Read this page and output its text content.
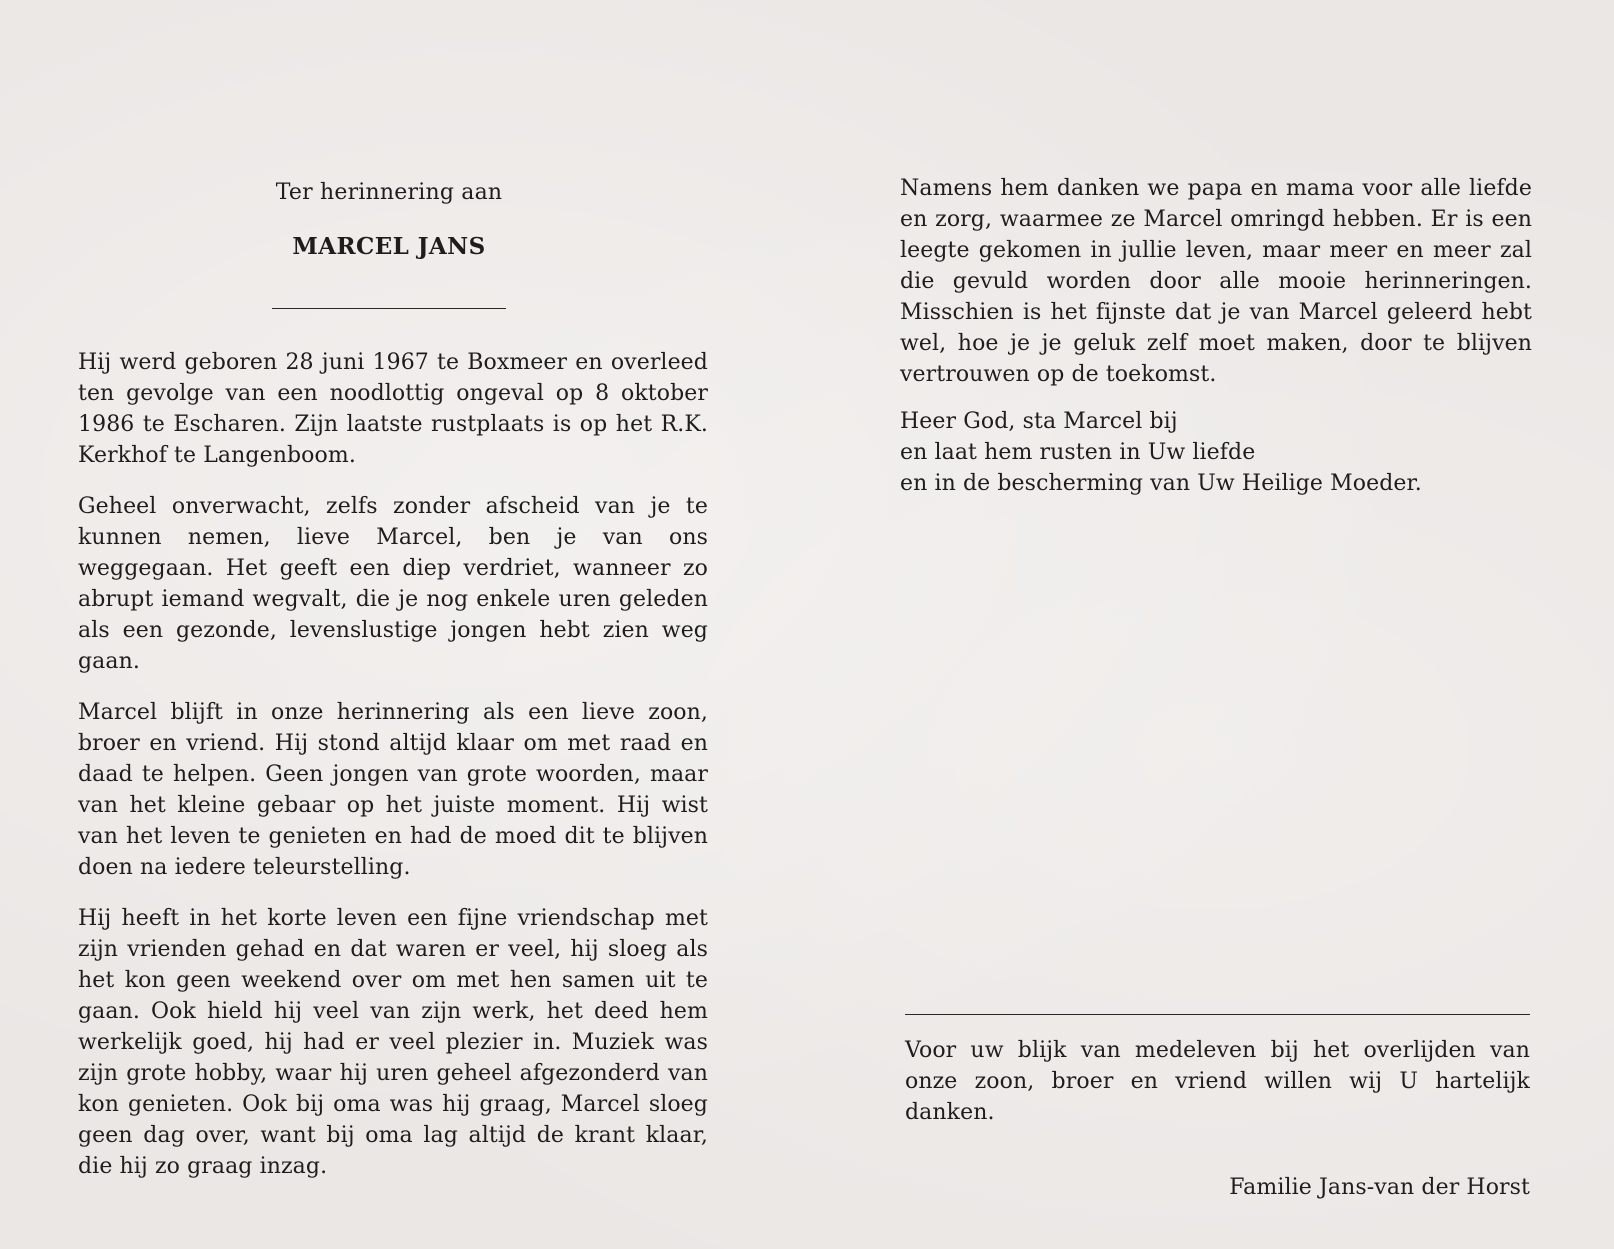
Ter herinnering aan

MARCEL JANS

Hij werd geboren 28 juni 1967 te Boxmeer en overleed ten gevolge van een noodlottig ongeval op 8 oktober 1986 te Escharen. Zijn laatste rustplaats is op het R.K. Kerkhof te Langenboom.

Geheel onverwacht, zelfs zonder afscheid van je te kunnen nemen, lieve Marcel, ben je van ons weggegaan. Het geeft een diep verdriet, wanneer zo abrupt iemand wegvalt, die je nog enkele uren geleden als een gezonde, levenslustige jongen hebt zien weg gaan.

Marcel blijft in onze herinnering als een lieve zoon, broer en vriend. Hij stond altijd klaar om met raad en daad te helpen. Geen jongen van grote woorden, maar van het kleine gebaar op het juiste moment. Hij wist van het leven te genieten en had de moed dit te blijven doen na iedere teleurstelling.

Hij heeft in het korte leven een fijne vriendschap met zijn vrienden gehad en dat waren er veel, hij sloeg als het kon geen weekend over om met hen samen uit te gaan. Ook hield hij veel van zijn werk, het deed hem werkelijk goed, hij had er veel plezier in. Muziek was zijn grote hobby, waar hij uren geheel afgezonderd van kon genieten. Ook bij oma was hij graag, Marcel sloeg geen dag over, want bij oma lag altijd de krant klaar, die hij zo graag inzag.

Namens hem danken we papa en mama voor alle liefde en zorg, waarmee ze Marcel omringd hebben. Er is een leegte gekomen in jullie leven, maar meer en meer zal die gevuld worden door alle mooie herinneringen. Misschien is het fijnste dat je van Marcel geleerd hebt wel, hoe je je geluk zelf moet maken, door te blijven vertrouwen op de toekomst.

Heer God, sta Marcel bij
en laat hem rusten in Uw liefde
en in de bescherming van Uw Heilige Moeder.

Voor uw blijk van medeleven bij het overlijden van onze zoon, broer en vriend willen wij U hartelijk danken.

Familie Jans-van der Horst
